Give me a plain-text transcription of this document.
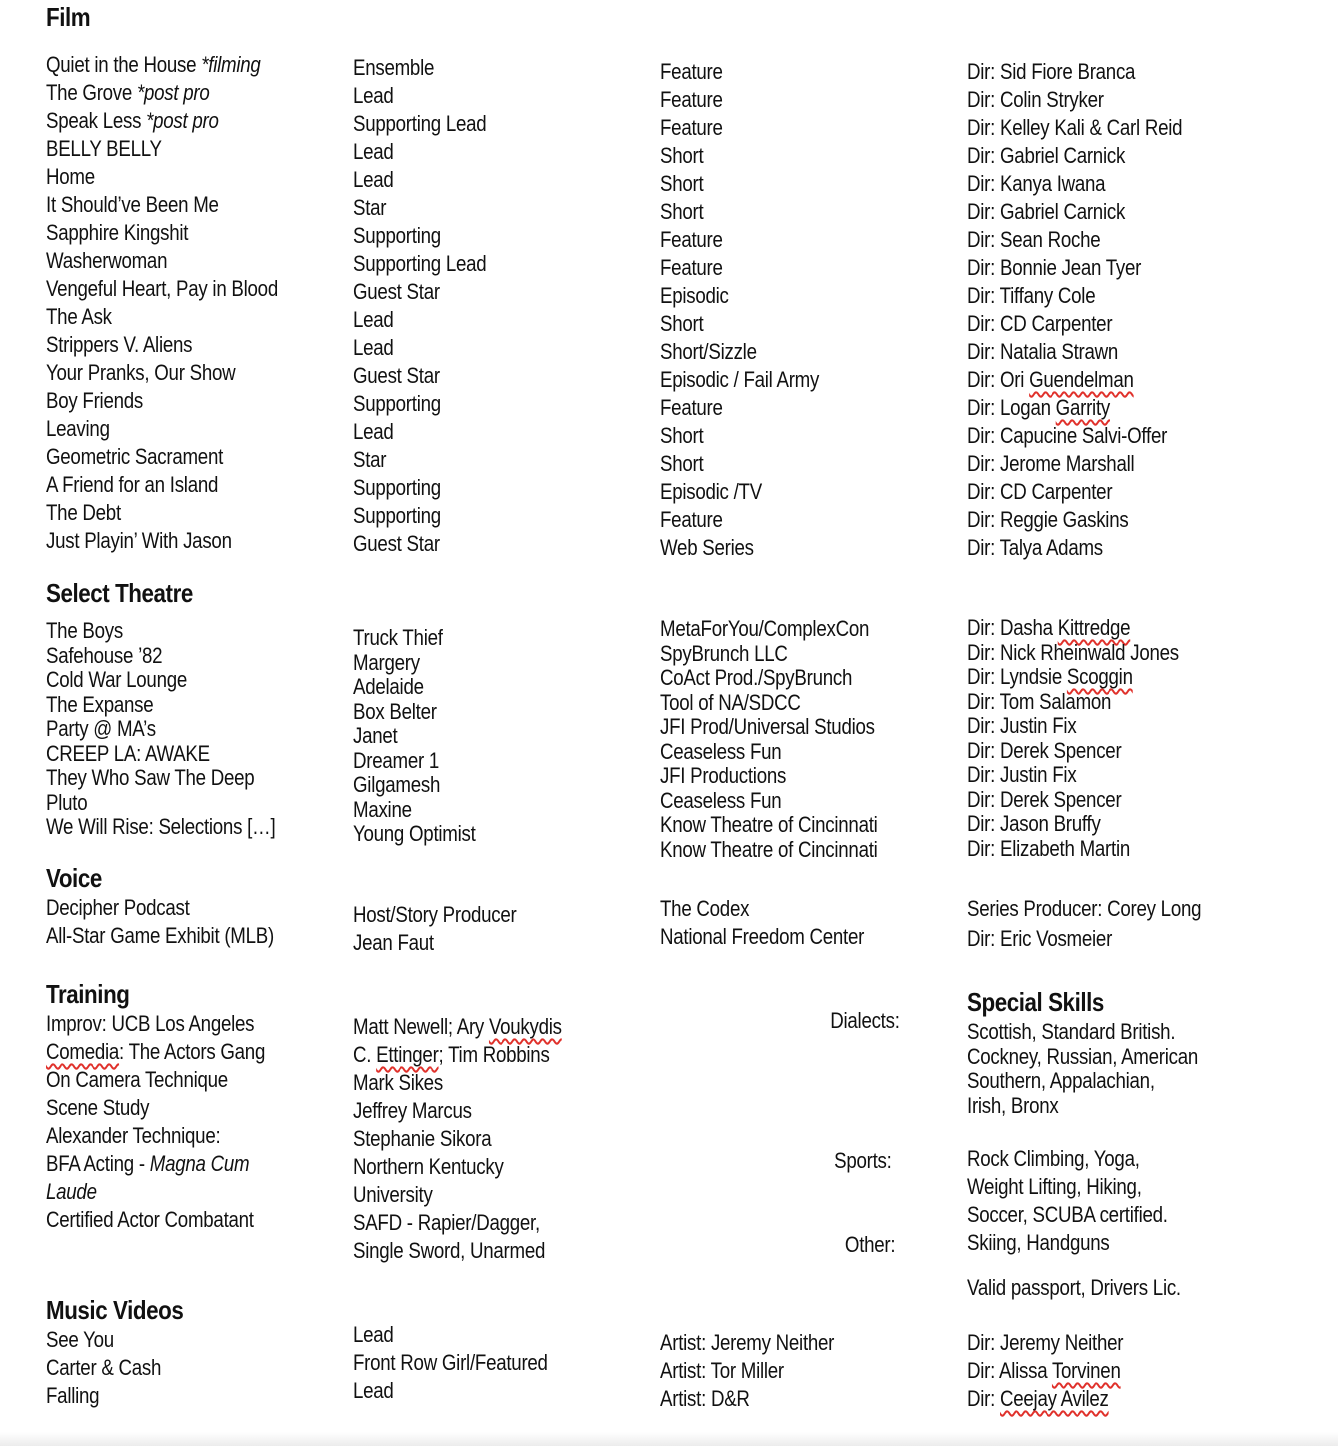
Film
Quiet in the House *filming
The Grove *post pro
Speak Less *post pro
BELLY BELLY
Home
It Should’ve Been Me
Sapphire Kingshit
Washerwoman
Vengeful Heart, Pay in Blood
The Ask
Strippers V. Aliens
Your Pranks, Our Show
Boy Friends
Leaving
Geometric Sacrament
A Friend for an Island
The Debt
Just Playin’ With Jason
Ensemble
Lead
Supporting Lead
Lead
Lead
Star
Supporting
Supporting Lead
Guest Star
Lead
Lead
Guest Star
Supporting
Lead
Star
Supporting
Supporting
Guest Star
Feature
Feature
Feature
Short
Short
Short
Feature
Feature
Episodic
Short
Short/Sizzle
Episodic / Fail Army
Feature
Short
Short
Episodic /TV
Feature
Web Series
Dir: Sid Fiore Branca
Dir: Colin Stryker
Dir: Kelley Kali & Carl Reid
Dir: Gabriel Carnick
Dir: Kanya Iwana
Dir: Gabriel Carnick
Dir: Sean Roche
Dir: Bonnie Jean Tyer
Dir: Tiffany Cole
Dir: CD Carpenter
Dir: Natalia Strawn
Dir: Ori Guendelman
Dir: Logan Garrity
Dir: Capucine Salvi-Offer
Dir: Jerome Marshall
Dir: CD Carpenter
Dir: Reggie Gaskins
Dir: Talya Adams
Select Theatre
The Boys
Safehouse ’82
Cold War Lounge
The Expanse
Party @ MA’s
CREEP LA: AWAKE
They Who Saw The Deep
Pluto
We Will Rise: Selections […]
Truck Thief
Margery
Adelaide
Box Belter
Janet
Dreamer 1
Gilgamesh
Maxine
Young Optimist
MetaForYou/ComplexCon
SpyBrunch LLC
CoAct Prod./SpyBrunch
Tool of NA/SDCC
JFI Prod/Universal Studios
Ceaseless Fun
JFI Productions
Ceaseless Fun
Know Theatre of Cincinnati
Know Theatre of Cincinnati
Dir: Dasha Kittredge
Dir: Nick Rheinwald Jones
Dir: Lyndsie Scoggin
Dir: Tom Salamon
Dir: Justin Fix
Dir: Derek Spencer
Dir: Justin Fix
Dir: Derek Spencer
Dir: Jason Bruffy
Dir: Elizabeth Martin
Voice
Decipher Podcast
All-Star Game Exhibit (MLB)
Host/Story Producer
Jean Faut
The Codex
National Freedom Center
Series Producer: Corey Long
Dir: Eric Vosmeier
Training
Improv: UCB Los Angeles
Comedia: The Actors Gang
On Camera Technique
Scene Study
Alexander Technique:
BFA Acting - Magna Cum
Laude
Certified Actor Combatant
Matt Newell; Ary Voukydis
C. Ettinger; Tim Robbins
Mark Sikes
Jeffrey Marcus
Stephanie Sikora
Northern Kentucky
University
SAFD - Rapier/Dagger,
Single Sword, Unarmed
Dialects:
Special Skills
Scottish, Standard British.
Cockney, Russian, American
Southern, Appalachian,
Irish, Bronx
Sports:	Rock Climbing, Yoga,
Weight Lifting, Hiking,
Soccer, SCUBA certified.
Skiing, Handguns
Other:
Valid passport, Drivers Lic.
Music Videos
See You
Carter & Cash
Falling
Lead
Front Row Girl/Featured
Lead
Artist: Jeremy Neither
Artist: Tor Miller
Artist: D&R
Dir: Jeremy Neither
Dir: Alissa Torvinen
Dir: Ceejay Avilez
